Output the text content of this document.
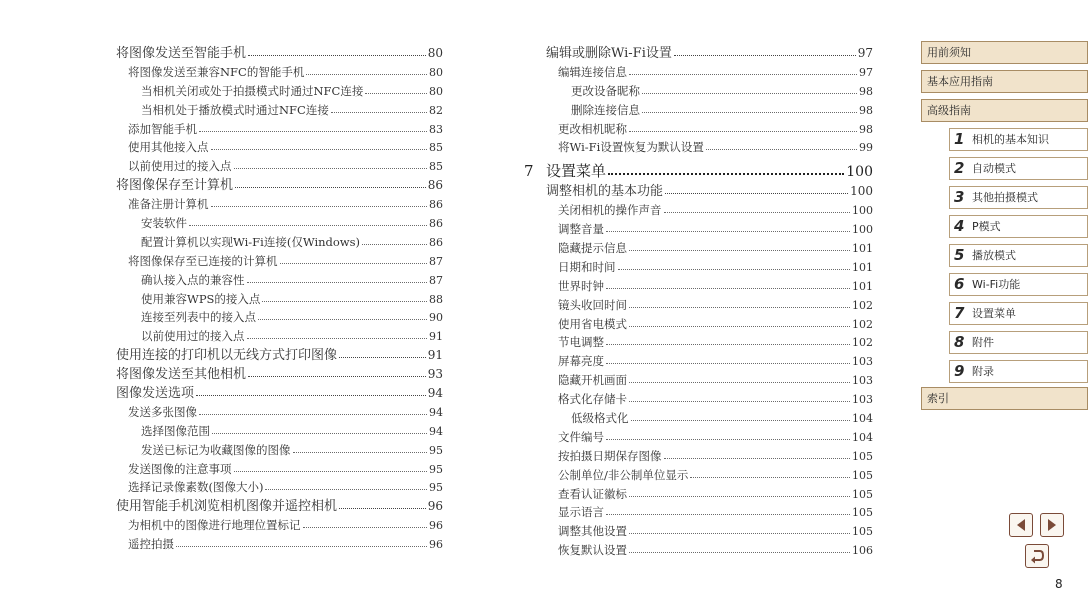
将图像发送至智能手机	80
将图像发送至兼容NFC的智能手机	80
当相机关闭或处于拍摄模式时通过NFC连接	80
当相机处于播放模式时通过NFC连接	82
添加智能手机	83
使用其他接入点	85
以前使用过的接入点	85
将图像保存至计算机	86
准备注册计算机	86
安装软件	86
配置计算机以实现Wi-Fi连接(仅Windows)	86
将图像保存至已连接的计算机	87
确认接入点的兼容性	87
使用兼容WPS的接入点	88
连接至列表中的接入点	90
以前使用过的接入点	91
使用连接的打印机以无线方式打印图像	91
将图像发送至其他相机	93
图像发送选项	94
发送多张图像	94
选择图像范围	94
发送已标记为收藏图像的图像	95
发送图像的注意事项	95
选择记录像素数(图像大小)	95
使用智能手机浏览相机图像并遥控相机	96
为相机中的图像进行地理位置标记	96
遥控拍摄	96
编辑或删除Wi-Fi设置	97
编辑连接信息	97
更改设备昵称	98
删除连接信息	98
更改相机昵称	98
将Wi-Fi设置恢复为默认设置	99
7 设置菜单	100
调整相机的基本功能	100
关闭相机的操作声音	100
调整音量	100
隐藏提示信息	101
日期和时间	101
世界时钟	101
镜头收回时间	102
使用省电模式	102
节电调整	102
屏幕亮度	103
隐藏开机画面	103
格式化存储卡	103
低级格式化	104
文件编号	104
按拍摄日期保存图像	105
公制单位/非公制单位显示	105
查看认证徽标	105
显示语言	105
调整其他设置	105
恢复默认设置	106
用前须知
基本应用指南
高级指南
1 相机的基本知识
2 自动模式
3 其他拍摄模式
4 P模式
5 播放模式
6 Wi-Fi功能
7 设置菜单
8 附件
9 附录
索引
8
